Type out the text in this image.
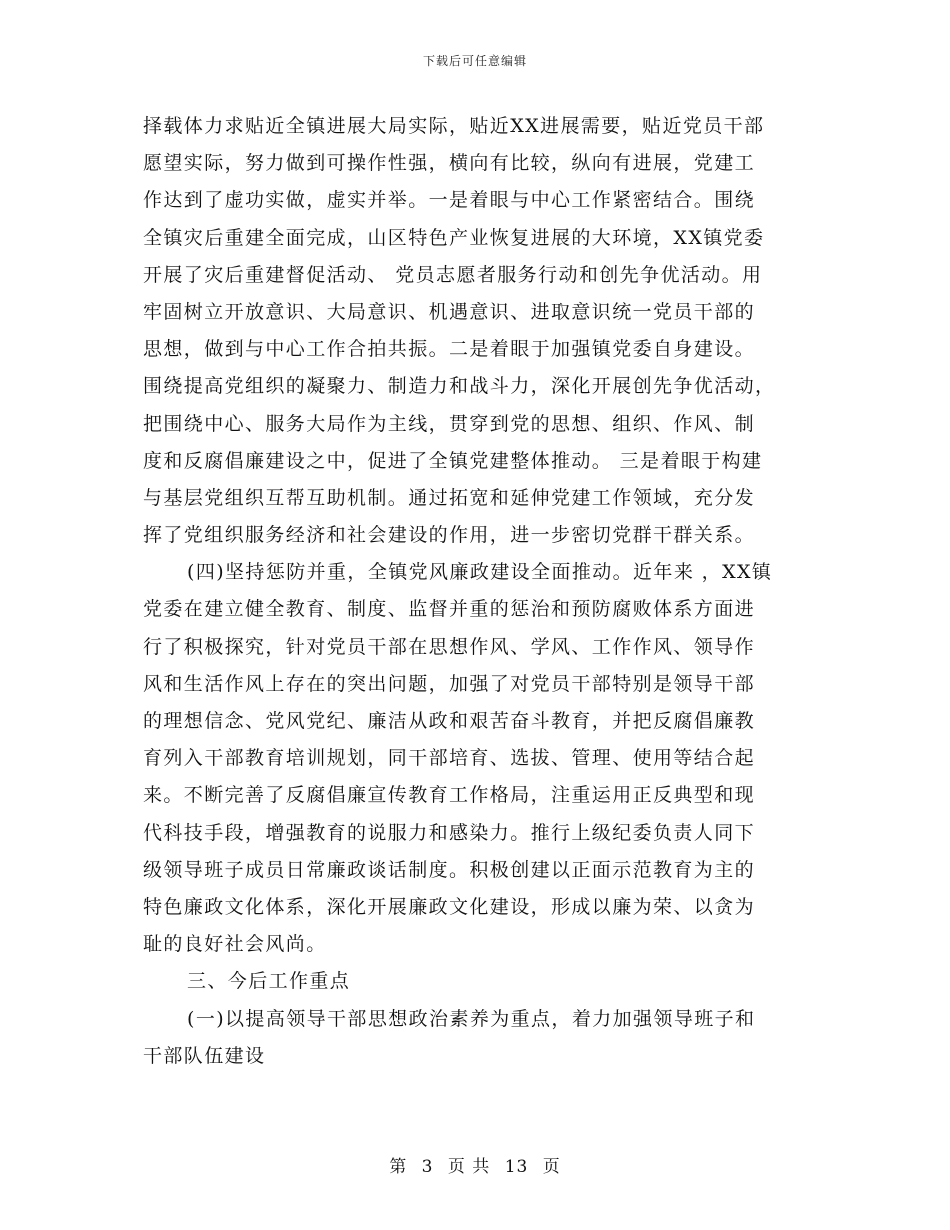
下载后可任意编辑
择载体力求贴近全镇进展大局实际，贴近XX进展需要，贴近党员干部
愿望实际，努力做到可操作性强，横向有比较，纵向有进展，党建工
作达到了虚功实做，虚实并举。一是着眼与中心工作紧密结合。围绕
全镇灾后重建全面完成，山区特色产业恢复进展的大环境，XX镇党委
开展了灾后重建督促活动、 党员志愿者服务行动和创先争优活动。用
牢固树立开放意识、大局意识、机遇意识、进取意识统一党员干部的
思想，做到与中心工作合拍共振。二是着眼于加强镇党委自身建设。
围绕提高党组织的凝聚力、制造力和战斗力，深化开展创先争优活动，
把围绕中心、服务大局作为主线，贯穿到党的思想、组织、作风、制
度和反腐倡廉建设之中，促进了全镇党建整体推动。 三是着眼于构建
与基层党组织互帮互助机制。通过拓宽和延伸党建工作领域，充分发
挥了党组织服务经济和社会建设的作用，进一步密切党群干群关系。
(四)坚持惩防并重，全镇党风廉政建设全面推动。近年来 ，XX镇
党委在建立健全教育、制度、监督并重的惩治和预防腐败体系方面进
行了积极探究，针对党员干部在思想作风、学风、工作作风、领导作
风和生活作风上存在的突出问题，加强了对党员干部特别是领导干部
的理想信念、党风党纪、廉洁从政和艰苦奋斗教育，并把反腐倡廉教
育列入干部教育培训规划，同干部培育、选拔、管理、使用等结合起
来。不断完善了反腐倡廉宣传教育工作格局，注重运用正反典型和现
代科技手段，增强教育的说服力和感染力。推行上级纪委负责人同下
级领导班子成员日常廉政谈话制度。积极创建以正面示范教育为主的
特色廉政文化体系，深化开展廉政文化建设，形成以廉为荣、以贪为
耻的良好社会风尚。
三、今后工作重点
(一)以提高领导干部思想政治素养为重点，着力加强领导班子和
干部队伍建设
第 3 页 共 13 页
